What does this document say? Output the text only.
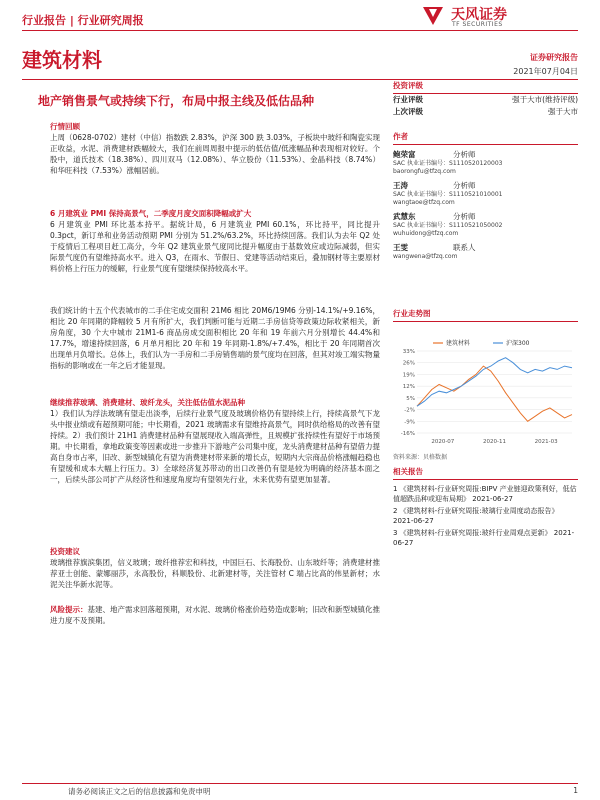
行业报告 | 行业研究周报	天风证券
TF SECURITIES
建筑材料	证券研究报告
2021年07月04日
地产销售景气或持续下行，布局中报主线及低估品种

行情回顾

上周（0628-0702）建材（中信）指数跌 2.83%，沪深 300 跌 3.03%，子板块中玻纤和陶瓷实现正收益，水泥、消费建材跌幅较大，我们在前周周报中提示的低估值/低涨幅品种表现相对较好。个股中，道氏技术（18.38%）、四川双马（12.08%）、华立股份（11.53%）、金晶科技（8.74%）和华旺科技（7.53%）涨幅居前。

6 月建筑业 PMI 保持高景气，二季度月度交面积降幅或扩大

6 月建筑业 PMI 环比基本持平。据统计局，6 月建筑业 PMI 60.1%，环比持平，同比提升 0.3pct，新订单和业务活动预期 PMI 分别为 51.2%/63.2%，环比持续回落。我们认为去年 Q2 处于疫情后工程项目赶工高分，今年 Q2 建筑业景气度同比提升幅度由于基数效应或边际减弱，但实际景气度仍有望维持高水平。进入 Q3，在雨水、节假日、党建等活动结束后，叠加钢材等主要原材料价格上行压力的缓解，行业景气度有望继续保持较高水平。

我们统计的十五个代表城市的二手住宅成交面积 21M6 相比 20M6/19M6 分别-14.1%/+9.16%，相比 20 年同期的降幅较 5 月有所扩大，我们判断可能与近期二手房信贷等政策边际收紧相关，新房角度，30 个大中城市 21M1-6 商品房成交面积相比 20 年和 19 年前六月分别增长 44.4%和 17.7%，增速持续回落，6 月单月相比 20 年和 19 年同期-1.8%/+7.4%，相比于 20 年同期首次出现单月负增长。总体上，我们认为一手房和二手房销售端的景气度均在回落，但其对竣工端实物量指标的影响或在一年之后才能显现。

继续推荐玻璃、消费建材、玻纤龙头，关注低估值水泥品种

1）我们认为浮法玻璃有望走出淡季，后续行业景气度及玻璃价格仍有望持续上行，持续高景气下龙头中报业绩或有超预期可能；中长期看，2021 玻璃需求有望维持高景气，同时供给格局的改善有望持续。2）我们预计 21H1 消费建材品种有望展现收入端高弹性，且规模扩张持续性有望好于市场预期。中长期看，拿地政策变等因素或进一步推升下游地产公司集中度，龙头消费建材品种有望借力提高自身市占率，旧改、新型城镇化有望为消费建材带来新的增长点，短期内大宗商品价格涨幅趋稳也有望缓和成本大幅上行压力。3）全球经济复苏带动的出口改善仍有望是较为明确的经济基本面之一，后续头部公司扩产从经济性和速度角度均有望领先行业，未来优势有望更加显著。

投资建议

玻璃推荐旗滨集团，信义玻璃；玻纤推荐宏和科技，中国巨石、长海股份、山东玻纤等；消费建材推荐亚士创能、蒙娜丽莎，永高股份，科顺股份、北新建材等，关注管材 C 端占比高的伟星新材；水泥关注华新水泥等。

风险提示：基建、地产需求回落超预期，对水泥、玻璃价格涨价趋势造成影响；旧改和新型城镇化推进力度不及预期。

投资评级

行业评级	强于大市(维持评级)
上次评级	强于大市

作者

鲍荣富	分析师
SAC 执业证书编号：S1110520120003
baorongfu@tfzq.com
王涛	分析师
SAC 执业证书编号：S1110521010001
wangtaoe@tfzq.com
武慧东	分析师
SAC 执业证书编号：S1110521050002
wuhuidong@tfzq.com
王雯	联系人
wangwena@tfzq.com

行业走势图

33%
26%
19%
12%
5%
-2%
-9%
-16%
2020-07	2020-11	2021-03
建筑材料	沪深300
资料来源：贝格数据

相关报告

1 《建筑材料-行业研究周报:BIPV 产业链迎政策利好，低估值超跌品种或迎布局期》 2021-06-27
2 《建筑材料-行业研究周报:玻璃行业周度动态报告》 2021-06-27
3 《建筑材料-行业研究周报:玻纤行业周观点更新》 2021-06-27
请务必阅读正文之后的信息披露和免责申明	1
